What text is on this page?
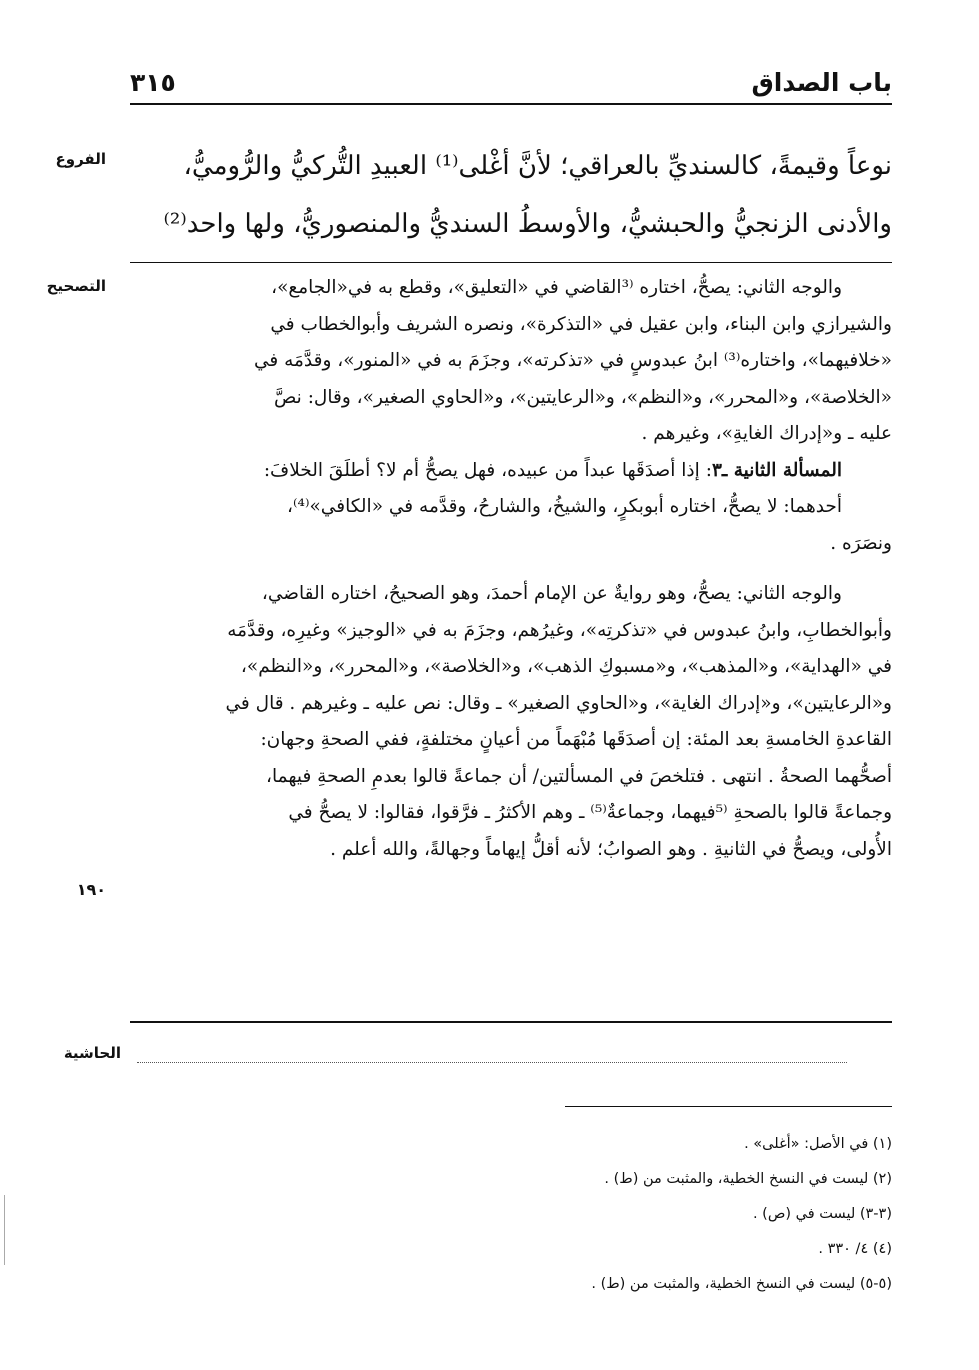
٣١٥	باب الصداق
الفروع
التصحيح
١٩٠
الحاشية
نوعاً وقيمةً، كالسنديِّ بالعراقي؛ لأنَّ أغْلى⁽¹⁾ العبيدِ التُّركيُّ والرُّوميُّ،
والأدنى الزنجيُّ والحبشيُّ، والأوسطُ السنديُّ والمنصوريُّ، ولها واحد⁽²⁾
والوجه الثاني: يصحُّ، اختاره ⁽³القاضي في «التعليق»، وقطع به في«الجامع»،
والشيرازي وابن البناء، وابن عقيل في «التذكرة»، ونصره الشريف وأبوالخطاب في
«خلافيهما»، واختاره⁽³⁾ ابنُ عبدوسٍ في «تذكرته»، وجزَمَ به في «المنور»، وقدَّمَه في
«الخلاصة»، و«المحرر»، و«النظم»، و«الرعايتين»، و«الحاوي الصغير»، وقال: نصَّ
عليه ـ و«إدراك الغايةِ»، وغيرهم .
المسألة الثانية ـ٣: إذا أصدَقَها عبداً من عبيده، فهل يصحُّ أم لا؟ أطلَقَ الخلافَ:
أحدهما: لا يصحُّ، اختاره أبوبكرٍ، والشيخُ، والشارحُ، وقدَّمه في «الكافي»⁽⁴⁾،
ونصَرَه .
والوجه الثاني: يصحُّ، وهو روايةٌ عن الإمام أحمدَ، وهو الصحيحُ، اختاره القاضي،
وأبوالخطابِ، وابنُ عبدوس في «تذكرتِه»، وغيرُهم، وجزَمَ به في «الوجيز» وغيرِه، وقدَّمَه
في «الهداية»، و«المذهب»، و«مسبوكِ الذهب»، و«الخلاصة»، و«المحرر»، و«النظم»،
و«الرعايتين»، و«إدراك الغاية»، و«الحاوي الصغير» ـ وقال: نص عليه ـ وغيرهم . قال في
القاعدةِ الخامسةِ بعد المئة: إن أصدَقَها مُبْهَماً من أعيانٍ مختلفةٍ، ففي الصحةِ وجهان:
أصحُّهما الصحةُ . انتهى . فتلخصَ في المسألتين/ أن جماعةً قالوا بعدمِ الصحةِ فيهما،
وجماعةً قالوا بالصحةِ ⁽⁵فيهما، وجماعةٌ⁽⁵⁾ ـ وهم الأكثرُ ـ فرَّقوا، فقالوا: لا يصحُّ في
الأُولى، ويصحُّ في الثانيةِ . وهو الصوابُ؛ لأنه أقلُّ إيهاماً وجهالةً، والله أعلم .
(١) في الأصل: «أغلى» .
(٢) ليست في النسخ الخطية، والمثبت من (ط) .
(٣-٣) ليست في (ص) .
(٤) ٤/ ٣٣٠ .
(٥-٥) ليست في النسخ الخطية، والمثبت من (ط) .
